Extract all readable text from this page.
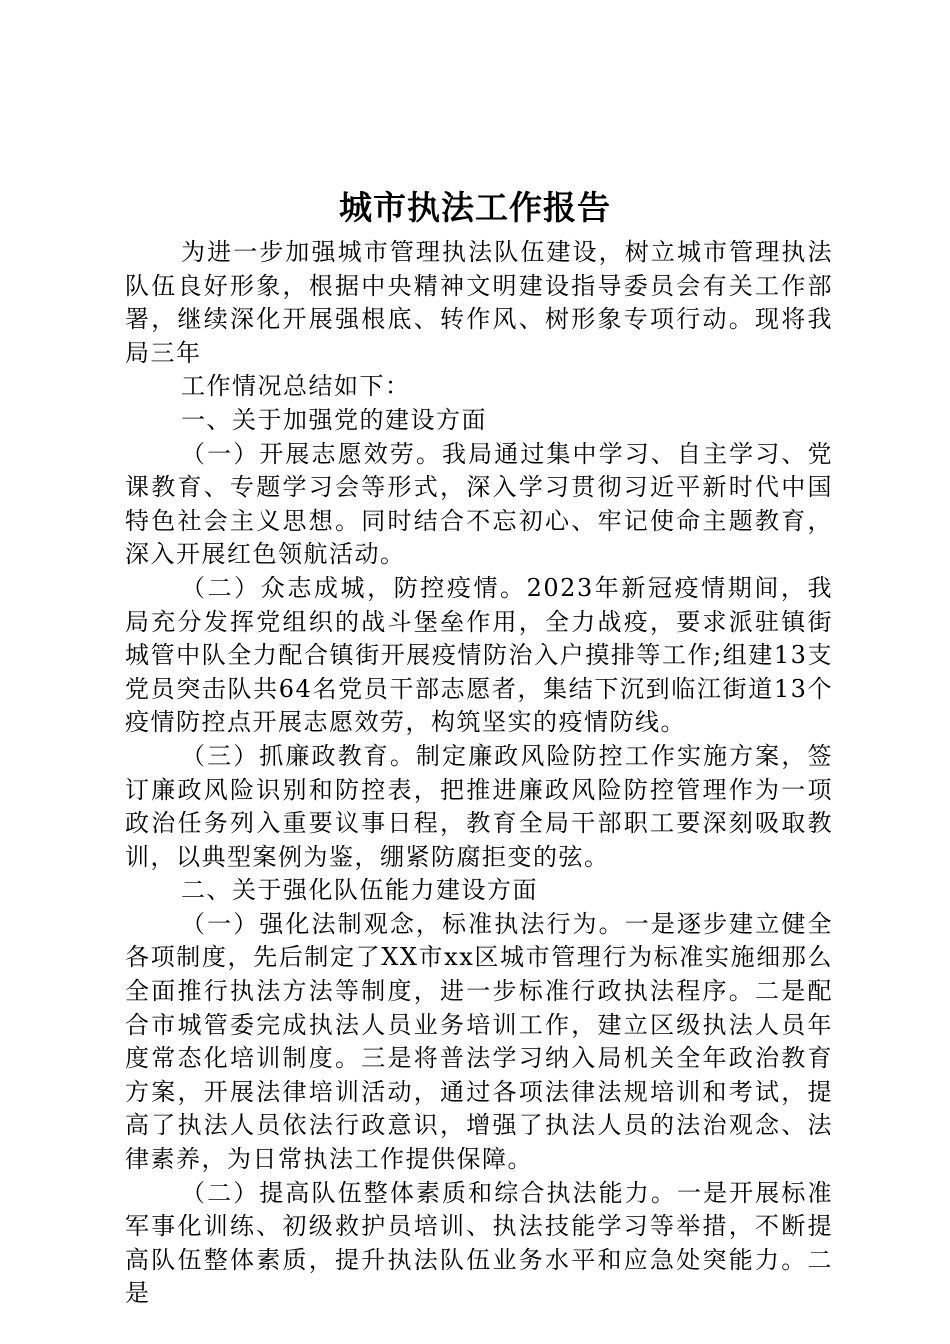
城市执法工作报告

为进一步加强城市管理执法队伍建设，树立城市管理执法队伍良好形象，根据中央精神文明建设指导委员会有关工作部署，继续深化开展强根底、转作风、树形象专项行动。现将我局三年

工作情况总结如下：

一、关于加强党的建设方面

（一）开展志愿效劳。我局通过集中学习、自主学习、党课教育、专题学习会等形式，深入学习贯彻习近平新时代中国特色社会主义思想。同时结合不忘初心、牢记使命主题教育，深入开展红色领航活动。

（二）众志成城，防控疫情。2023年新冠疫情期间，我局充分发挥党组织的战斗堡垒作用，全力战疫，要求派驻镇街城管中队全力配合镇街开展疫情防治入户摸排等工作;组建13支党员突击队共64名党员干部志愿者，集结下沉到临江街道13个疫情防控点开展志愿效劳，构筑坚实的疫情防线。

（三）抓廉政教育。制定廉政风险防控工作实施方案，签订廉政风险识别和防控表，把推进廉政风险防控管理作为一项政治任务列入重要议事日程，教育全局干部职工要深刻吸取教训，以典型案例为鉴，绷紧防腐拒变的弦。

二、关于强化队伍能力建设方面

（一）强化法制观念，标准执法行为。一是逐步建立健全各项制度，先后制定了XX市xx区城市管理行为标准实施细那么全面推行执法方法等制度，进一步标准行政执法程序。二是配合市城管委完成执法人员业务培训工作，建立区级执法人员年度常态化培训制度。三是将普法学习纳入局机关全年政治教育方案，开展法律培训活动，通过各项法律法规培训和考试，提高了执法人员依法行政意识，增强了执法人员的法治观念、法律素养，为日常执法工作提供保障。

（二）提高队伍整体素质和综合执法能力。一是开展标准军事化训练、初级救护员培训、执法技能学习等举措，不断提高队伍整体素质，提升执法队伍业务水平和应急处突能力。二是
